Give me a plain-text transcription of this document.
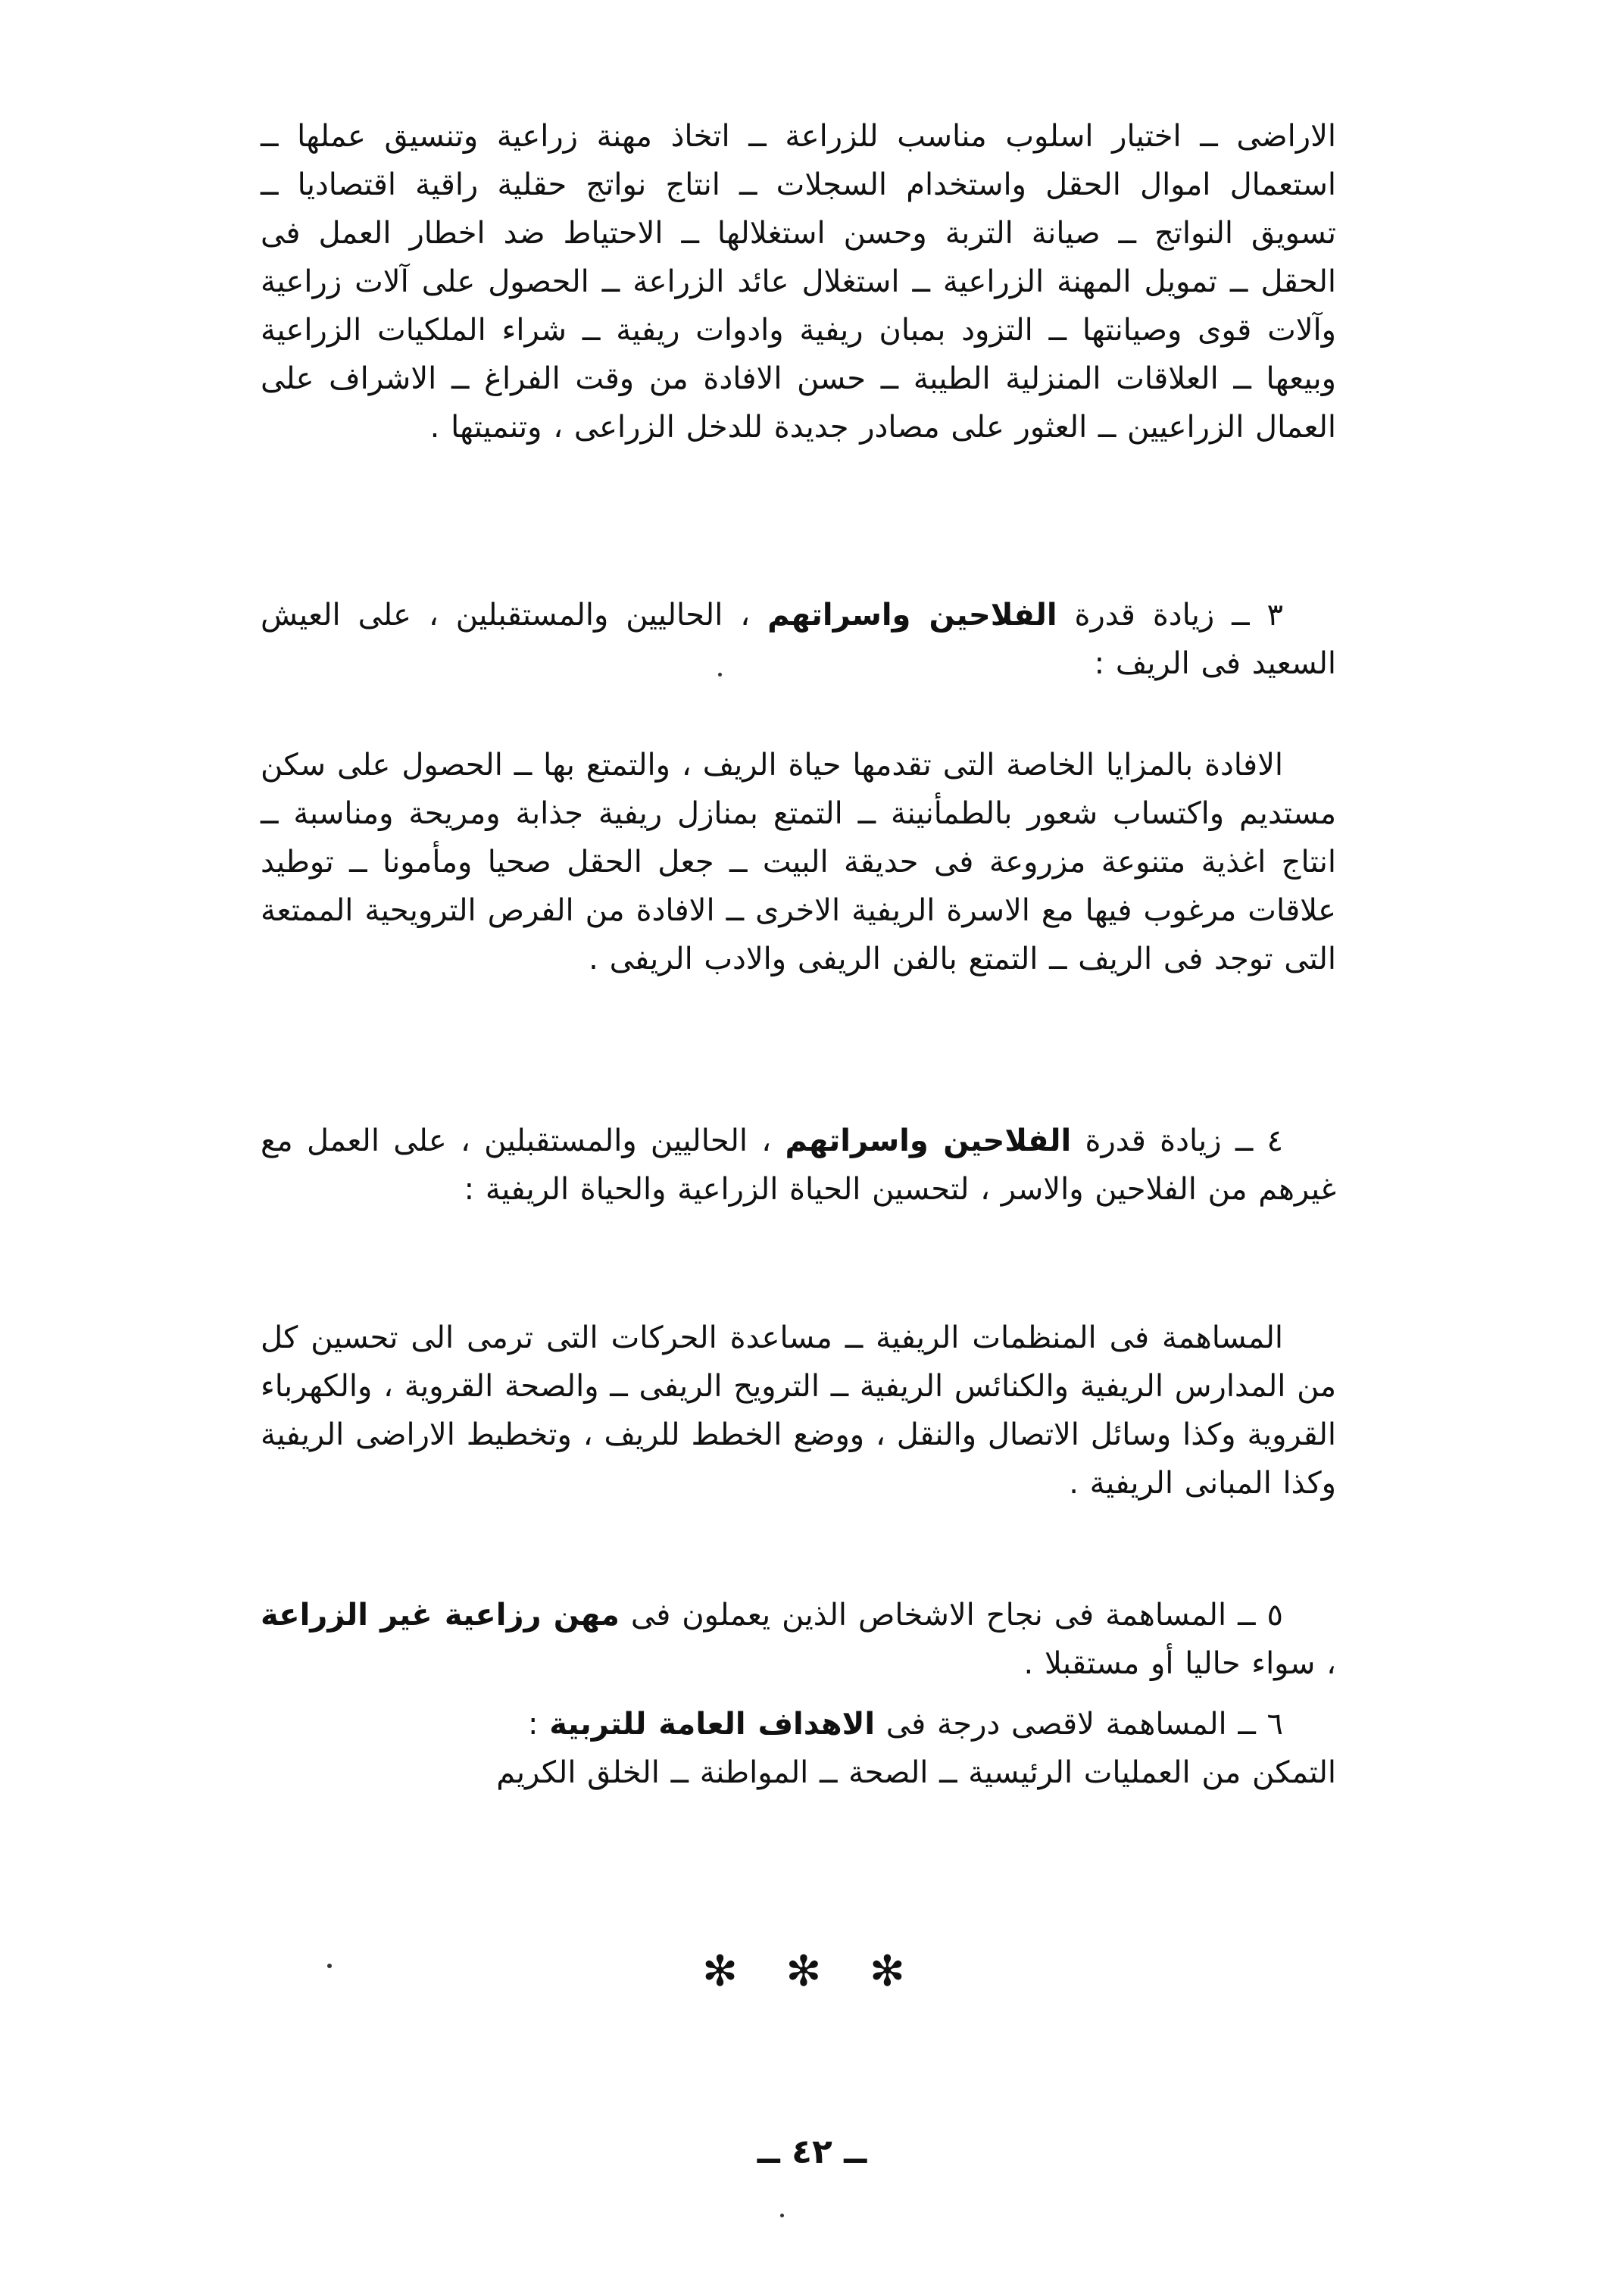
الاراضى ــ اختيار اسلوب مناسب للزراعة ــ اتخاذ مهنة زراعية وتنسيق عملها ــ استعمال اموال الحقل واستخدام السجلات ــ انتاج نواتج حقلية راقية اقتصاديا ــ تسويق النواتج ــ صيانة التربة وحسن استغلالها ــ الاحتياط ضد اخطار العمل فى الحقل ــ تمويل المهنة الزراعية ــ استغلال عائد الزراعة ــ الحصول على آلات زراعية وآلات قوى وصيانتها ــ التزود بمبان ريفية وادوات ريفية ــ شراء الملكيات الزراعية وبيعها ــ العلاقات المنزلية الطيبة ــ حسن الافادة من وقت الفراغ ــ الاشراف على العمال الزراعيين ــ العثور على مصادر جديدة للدخل الزراعى ، وتنميتها .

٣ ــ زيادة قدرة الفلاحين واسراتهم ، الحاليين والمستقبلين ، على العيش السعيد فى الريف :

الافادة بالمزايا الخاصة التى تقدمها حياة الريف ، والتمتع بها ــ الحصول على سكن مستديم واكتساب شعور بالطمأنينة ــ التمتع بمنازل ريفية جذابة ومريحة ومناسبة ــ انتاج اغذية متنوعة مزروعة فى حديقة البيت ــ جعل الحقل صحيا ومأمونا ــ توطيد علاقات مرغوب فيها مع الاسرة الريفية الاخرى ــ الافادة من الفرص الترويحية الممتعة التى توجد فى الريف ــ التمتع بالفن الريفى والادب الريفى .

٤ ــ زيادة قدرة الفلاحين واسراتهم ، الحاليين والمستقبلين ، على العمل مع غيرهم من الفلاحين والاسر ، لتحسين الحياة الزراعية والحياة الريفية :

المساهمة فى المنظمات الريفية ــ مساعدة الحركات التى ترمى الى تحسين كل من المدارس الريفية والكنائس الريفية ــ الترويح الريفى ــ والصحة القروية ، والكهرباء القروية وكذا وسائل الاتصال والنقل ، ووضع الخطط للريف ، وتخطيط الاراضى الريفية وكذا المبانى الريفية .

٥ ــ المساهمة فى نجاح الاشخاص الذين يعملون فى مهن رزاعية غير الزراعة ، سواء حاليا أو مستقبلا .

٦ ــ المساهمة لاقصى درجة فى الاهداف العامة للتربية :

التمكن من العمليات الرئيسية ــ الصحة ــ المواطنة ــ الخلق الكريم

✻ ✻ ✻
ــ ٤٢ ــ
